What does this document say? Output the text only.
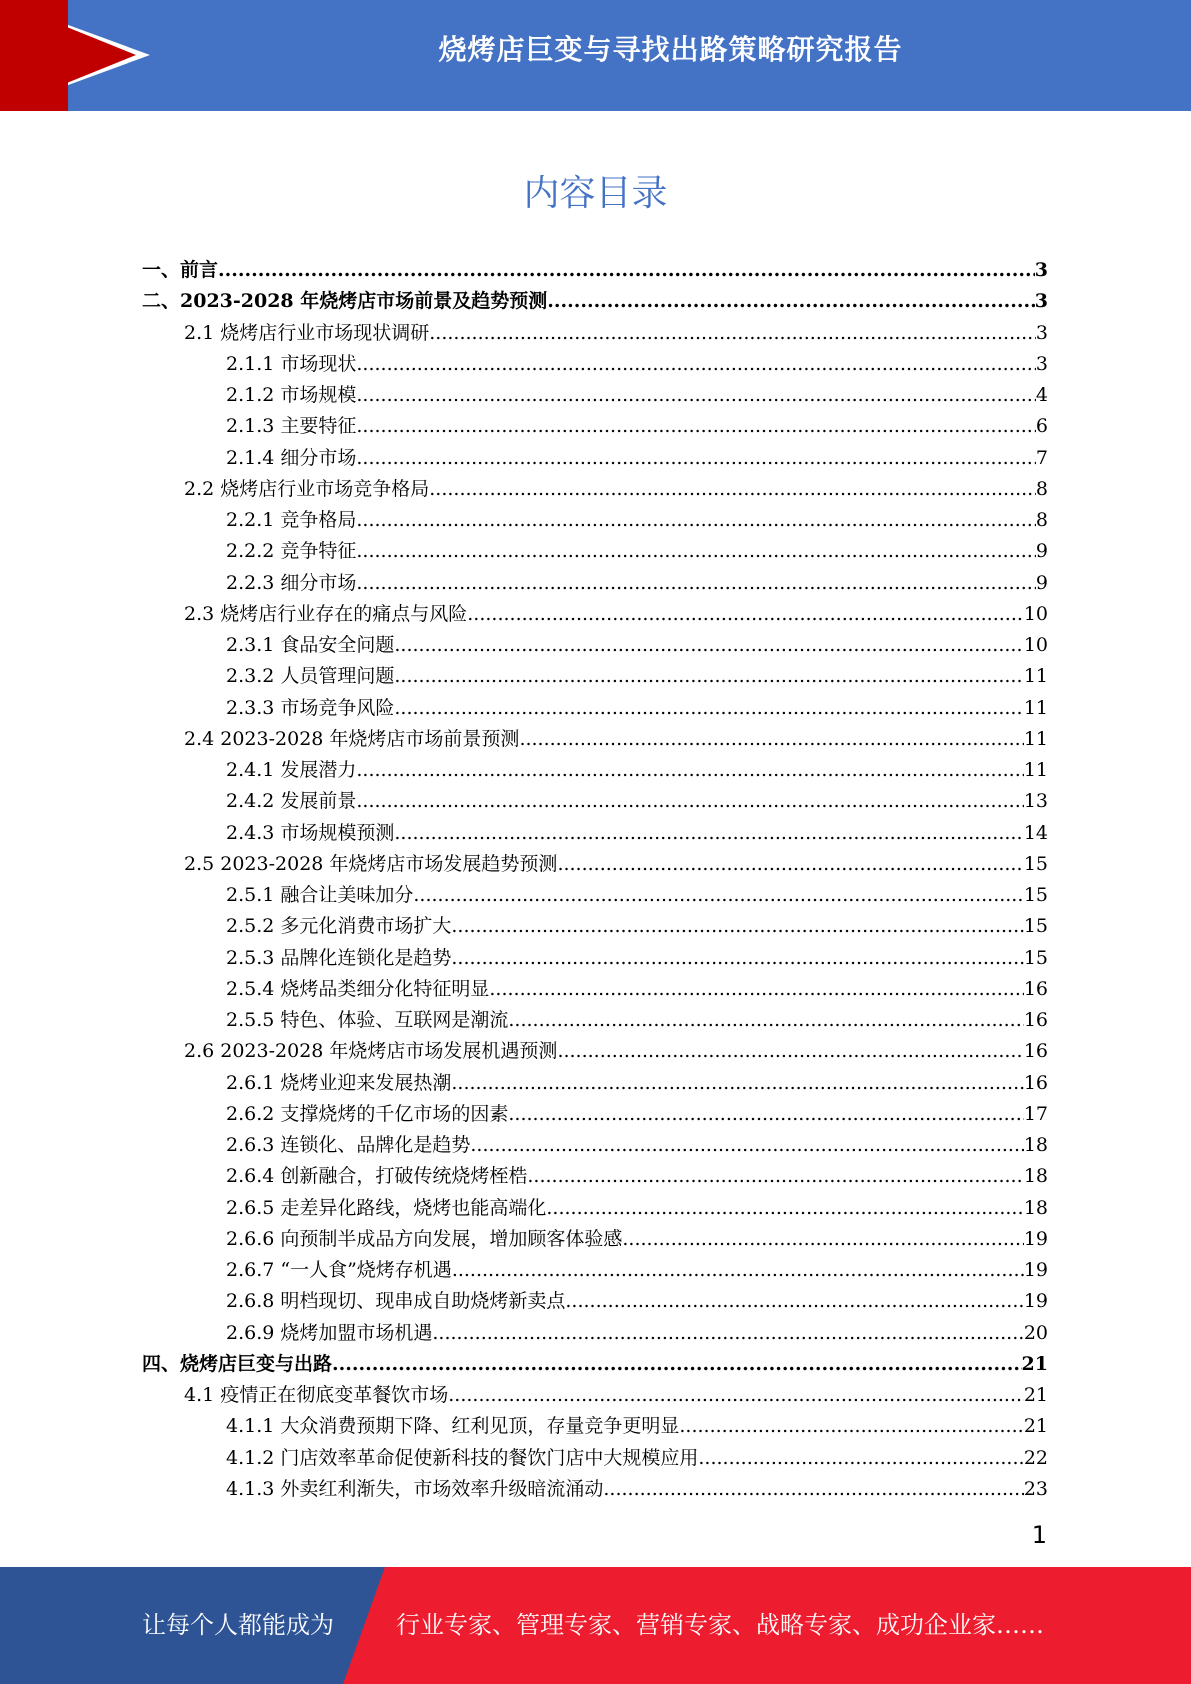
烧烤店巨变与寻找出路策略研究报告
内容目录
一、前言 .....	3
二、2023-2028 年烧烤店市场前景及趋势预测 .....	3
2.1 烧烤店行业市场现状调研 .....	3
2.1.1 市场现状 .....	3
2.1.2 市场规模 .....	4
2.1.3 主要特征 .....	6
2.1.4 细分市场 .....	7
2.2 烧烤店行业市场竞争格局 .....	8
2.2.1 竞争格局 .....	8
2.2.2 竞争特征 .....	9
2.2.3 细分市场 .....	9
2.3 烧烤店行业存在的痛点与风险 .....	10
2.3.1 食品安全问题 .....	10
2.3.2 人员管理问题 .....	11
2.3.3 市场竞争风险 .....	11
2.4 2023-2028 年烧烤店市场前景预测 .....	11
2.4.1 发展潜力 .....	11
2.4.2 发展前景 .....	13
2.4.3 市场规模预测 .....	14
2.5 2023-2028 年烧烤店市场发展趋势预测 .....	15
2.5.1 融合让美味加分 .....	15
2.5.2 多元化消费市场扩大 .....	15
2.5.3 品牌化连锁化是趋势 .....	15
2.5.4 烧烤品类细分化特征明显 .....	16
2.5.5 特色、体验、互联网是潮流 .....	16
2.6 2023-2028 年烧烤店市场发展机遇预测 .....	16
2.6.1 烧烤业迎来发展热潮 .....	16
2.6.2 支撑烧烤的千亿市场的因素 .....	17
2.6.3 连锁化、品牌化是趋势 .....	18
2.6.4 创新融合，打破传统烧烤桎梏 .....	18
2.6.5 走差异化路线，烧烤也能高端化 .....	18
2.6.6 向预制半成品方向发展，增加顾客体验感 .....	19
2.6.7 “一人食”烧烤存机遇 .....	19
2.6.8 明档现切、现串成自助烧烤新卖点 .....	19
2.6.9 烧烤加盟市场机遇 .....	20
四、烧烤店巨变与出路 .....	21
4.1 疫情正在彻底变革餐饮市场 .....	21
4.1.1 大众消费预期下降、红利见顶，存量竞争更明显 .....	21
4.1.2 门店效率革命促使新科技的餐饮门店中大规模应用 .....	22
4.1.3 外卖红利渐失，市场效率升级暗流涌动 .....	23
1
让每个人都能成为	行业专家、管理专家、营销专家、战略专家、成功企业家……
